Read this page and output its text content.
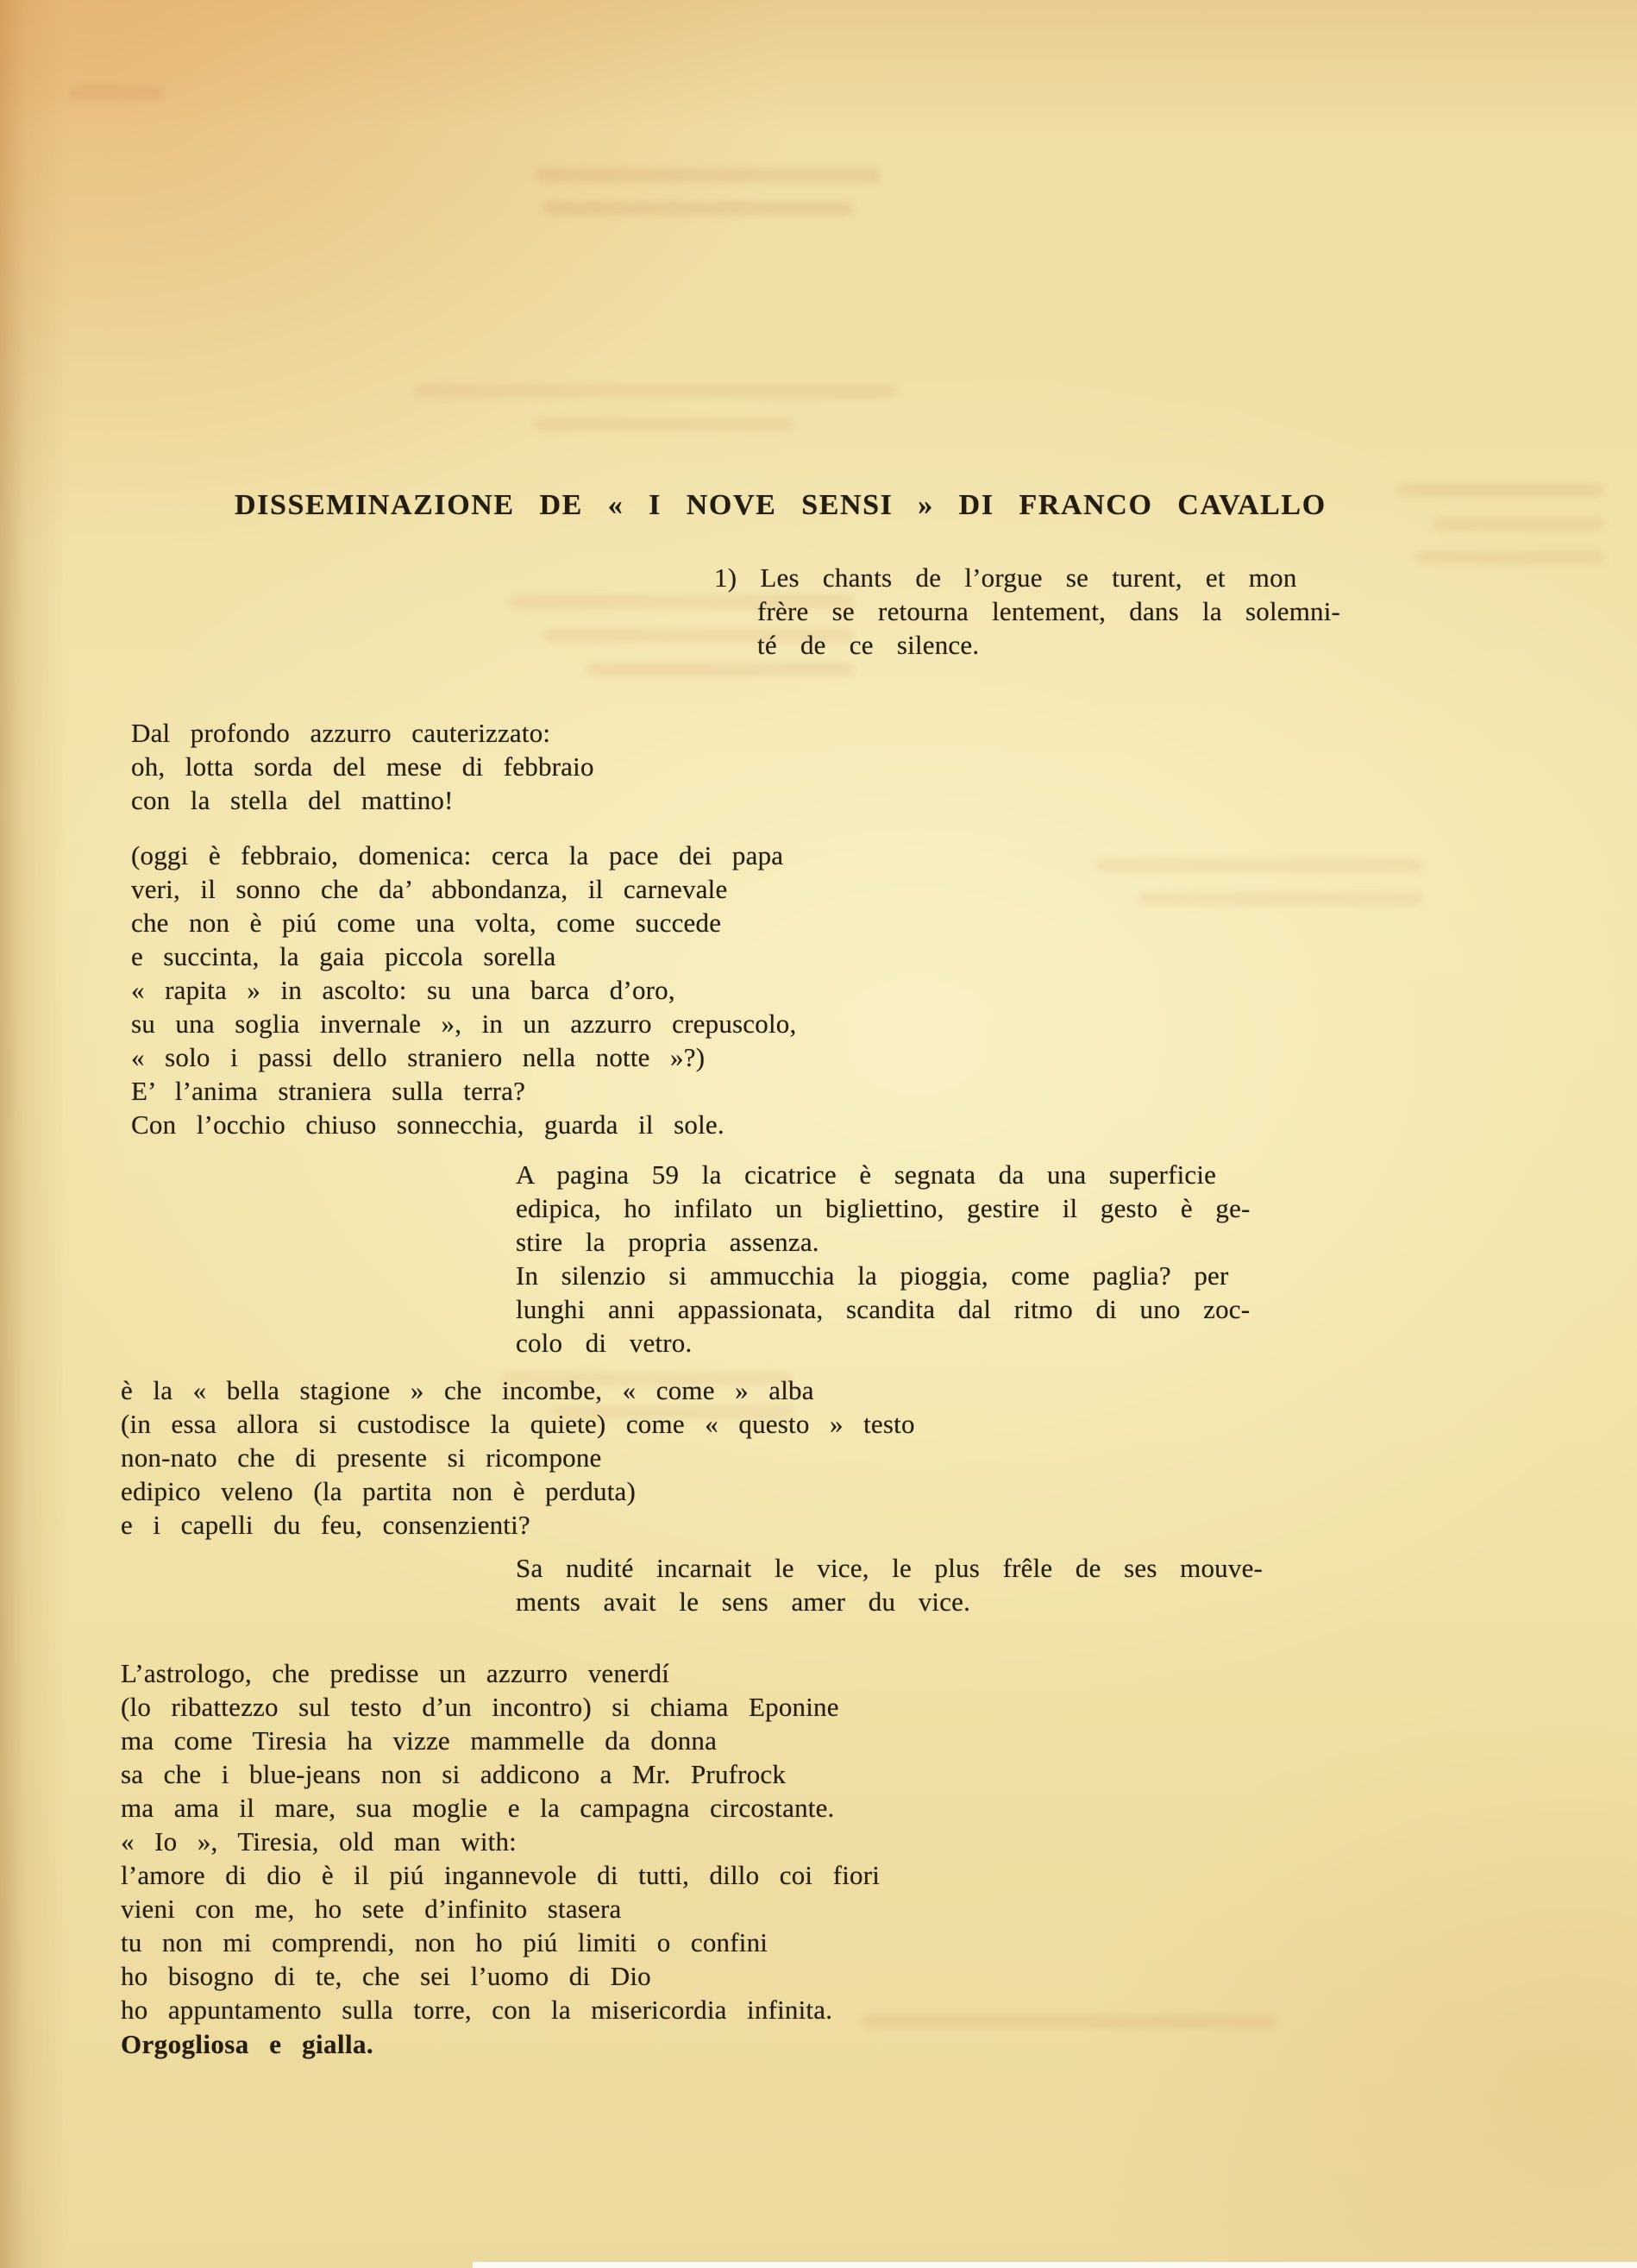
DISSEMINAZIONE DE « I NOVE SENSI » DI FRANCO CAVALLO
1) Les chants de l’orgue se turent, et mon
frère se retourna lentement, dans la solemni-
té de ce silence.
Dal profondo azzurro cauterizzato:
oh, lotta sorda del mese di febbraio
con la stella del mattino!
(oggi è febbraio, domenica: cerca la pace dei papa
veri, il sonno che da’ abbondanza, il carnevale
che non è piú come una volta, come succede
e succinta, la gaia piccola sorella
« rapita » in ascolto: su una barca d’oro,
su una soglia invernale », in un azzurro crepuscolo,
« solo i passi dello straniero nella notte »?)
E’ l’anima straniera sulla terra?
Con l’occhio chiuso sonnecchia, guarda il sole.
A pagina 59 la cicatrice è segnata da una superficie
edipica, ho infilato un bigliettino, gestire il gesto è ge-
stire la propria assenza.
In silenzio si ammucchia la pioggia, come paglia? per
lunghi anni appassionata, scandita dal ritmo di uno zoc-
colo di vetro.
è la « bella stagione » che incombe, « come » alba
(in essa allora si custodisce la quiete) come « questo » testo
non-nato che di presente si ricompone
edipico veleno (la partita non è perduta)
e i capelli du feu, consenzienti?
Sa nudité incarnait le vice, le plus frêle de ses mouve-
ments avait le sens amer du vice.
L’astrologo, che predisse un azzurro venerdí
(lo ribattezzo sul testo d’un incontro) si chiama Eponine
ma come Tiresia ha vizze mammelle da donna
sa che i blue-jeans non si addicono a Mr. Prufrock
ma ama il mare, sua moglie e la campagna circostante.
« Io », Tiresia, old man with:
l’amore di dio è il piú ingannevole di tutti, dillo coi fiori
vieni con me, ho sete d’infinito stasera
tu non mi comprendi, non ho piú limiti o confini
ho bisogno di te, che sei l’uomo di Dio
ho appuntamento sulla torre, con la misericordia infinita.
Orgogliosa e gialla.
